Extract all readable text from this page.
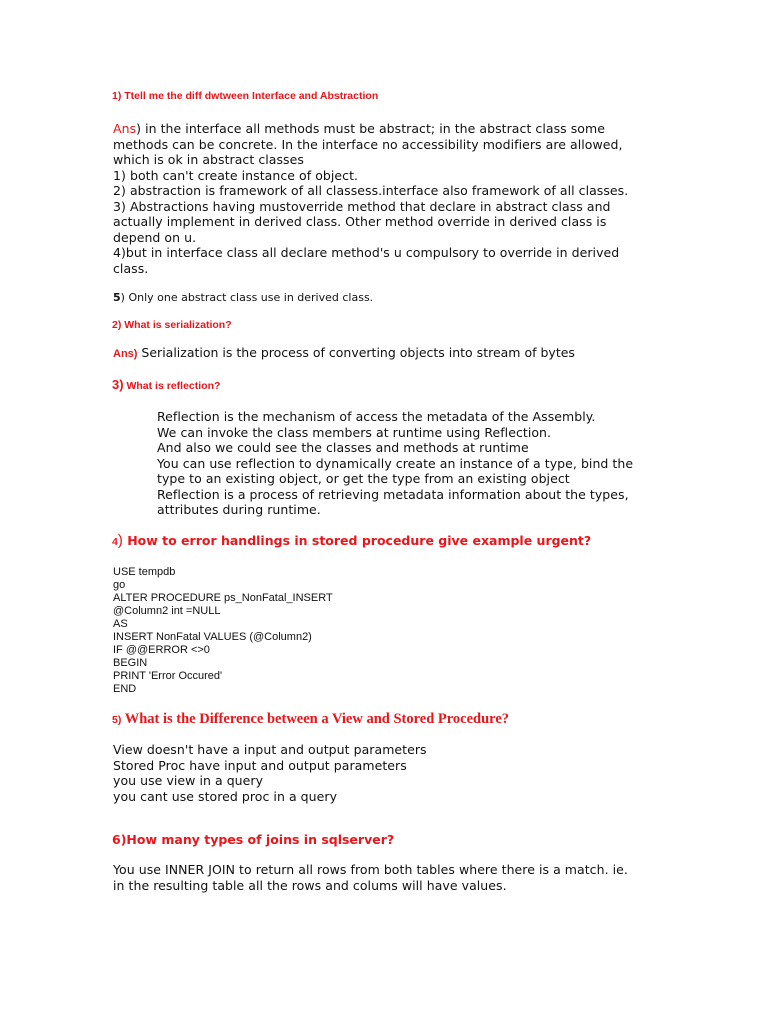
1) Ttell me the diff dwtween Interface and Abstraction
Ans) in the interface all methods must be abstract; in the abstract class some
methods can be concrete. In the interface no accessibility modifiers are allowed,
which is ok in abstract classes
1) both can't create instance of object.
2) abstraction is framework of all classess.interface also framework of all classes.
3) Abstractions having mustoverride method that declare in abstract class and
actually implement in derived class. Other method override in derived class is
depend on u.
4)but in interface class all declare method's u compulsory to override in derived
class.
5) Only one abstract class use in derived class.
2) What is serialization?
Ans) Serialization is the process of converting objects into stream of bytes
3) What is reflection?
Reflection is the mechanism of access the metadata of the Assembly.
We can invoke the class members at runtime using Reflection.
And also we could see the classes and methods at runtime
You can use reflection to dynamically create an instance of a type, bind the
type to an existing object, or get the type from an existing object
Reflection is a process of retrieving metadata information about the types,
attributes during runtime.
4) How to error handlings in stored procedure give example urgent?
USE tempdb
go
ALTER PROCEDURE ps_NonFatal_INSERT
@Column2 int =NULL
AS
INSERT NonFatal VALUES (@Column2)
IF @@ERROR <>0
BEGIN
PRINT 'Error Occured'
END
5) What is the Difference between a View and Stored Procedure?
View doesn't have a input and output parameters
Stored Proc have input and output parameters
you use view in a query
you cant use stored proc in a query
6)How many types of joins in sqlserver?
You use INNER JOIN to return all rows from both tables where there is a match. ie.
in the resulting table all the rows and colums will have values.
